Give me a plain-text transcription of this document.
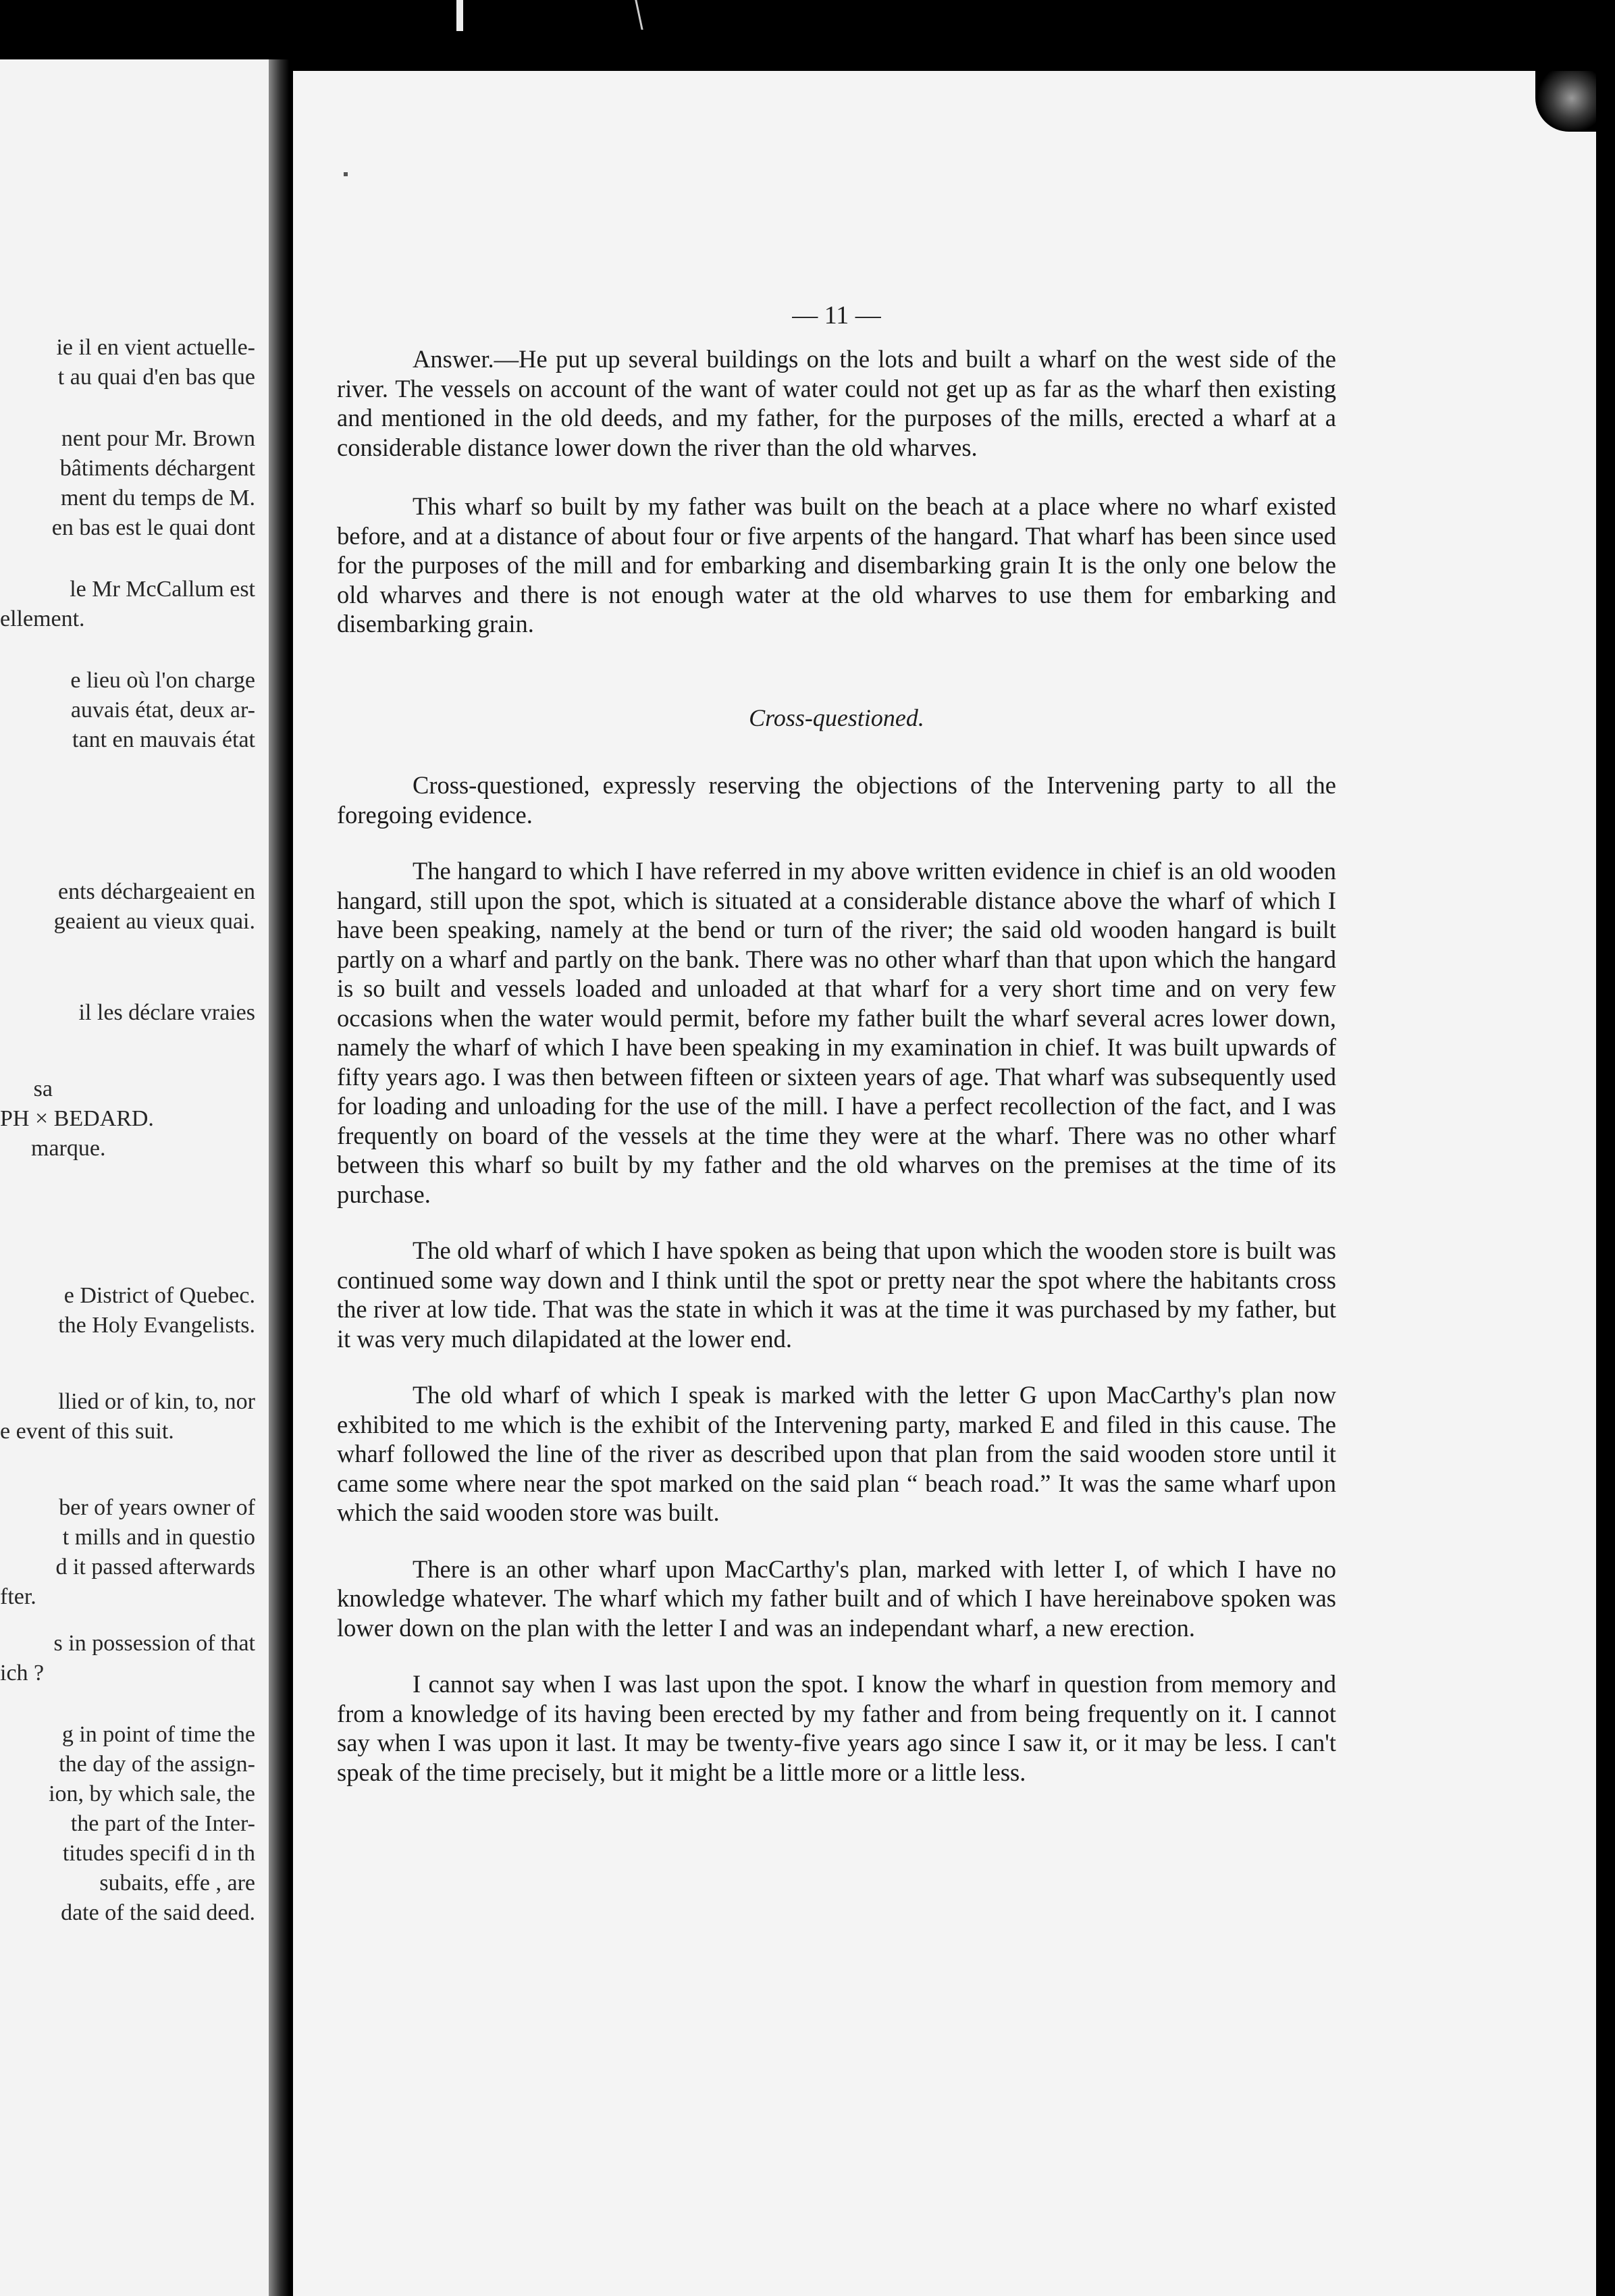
ie il en vient actuelle-
t au quai d'en bas que
nent pour Mr. Brown
bâtiments déchargent
ment du temps de M.
en bas est le quai dont
le Mr McCallum est
ellement.
e lieu où l'on charge
auvais état, deux ar-
tant en mauvais état
ents déchargeaient en
geaient au vieux quai.
il les déclare vraies
sa
PH × BEDARD.
marque.
e District of Quebec.
the Holy Evangelists.
llied or of kin, to, nor
e event of this suit.
ber of years owner of
t mills and in questio
d it passed afterwards
fter.
s in possession of that
ich ?
g in point of time the
the day of the assign-
ion, by which sale, the
the part of the Inter-
titudes specifi d in th
subaits, effe , are
date of the said deed.
— 11 —

Answer.—He put up several buildings on the lots and built a wharf on the west side of the river. The vessels on account of the want of water could not get up as far as the wharf then existing and mentioned in the old deeds, and my father, for the purposes of the mills, erected a wharf at a considerable distance lower down the river than the old wharves.

This wharf so built by my father was built on the beach at a place where no wharf existed before, and at a distance of about four or five arpents of the hangard. That wharf has been since used for the purposes of the mill and for embarking and disembarking grain It is the only one below the old wharves and there is not enough water at the old wharves to use them for embarking and disembarking grain.

Cross-questioned.

Cross-questioned, expressly reserving the objections of the Intervening party to all the foregoing evidence.

The hangard to which I have referred in my above written evidence in chief is an old wooden hangard, still upon the spot, which is situated at a considerable distance above the wharf of which I have been speaking, namely at the bend or turn of the river; the said old wooden hangard is built partly on a wharf and partly on the bank. There was no other wharf than that upon which the hangard is so built and vessels loaded and unloaded at that wharf for a very short time and on very few occasions when the water would permit, before my father built the wharf several acres lower down, namely the wharf of which I have been speaking in my examination in chief. It was built upwards of fifty years ago. I was then between fifteen or sixteen years of age. That wharf was subsequently used for loading and unloading for the use of the mill. I have a perfect recollection of the fact, and I was frequently on board of the vessels at the time they were at the wharf. There was no other wharf between this wharf so built by my father and the old wharves on the premises at the time of its purchase.

The old wharf of which I have spoken as being that upon which the wooden store is built was continued some way down and I think until the spot or pretty near the spot where the habitants cross the river at low tide. That was the state in which it was at the time it was purchased by my father, but it was very much dilapidated at the lower end.

The old wharf of which I speak is marked with the letter G upon MacCarthy's plan now exhibited to me which is the exhibit of the Intervening party, marked E and filed in this cause. The wharf followed the line of the river as described upon that plan from the said wooden store until it came some where near the spot marked on the said plan “ beach road.” It was the same wharf upon which the said wooden store was built.

There is an other wharf upon MacCarthy's plan, marked with letter I, of which I have no knowledge whatever. The wharf which my father built and of which I have hereinabove spoken was lower down on the plan with the letter I and was an independant wharf, a new erection.

I cannot say when I was last upon the spot. I know the wharf in question from memory and from a knowledge of its having been erected by my father and from being frequently on it. I cannot say when I was upon it last. It may be twenty-five years ago since I saw it, or it may be less. I can't speak of the time precisely, but it might be a little more or a little less.
